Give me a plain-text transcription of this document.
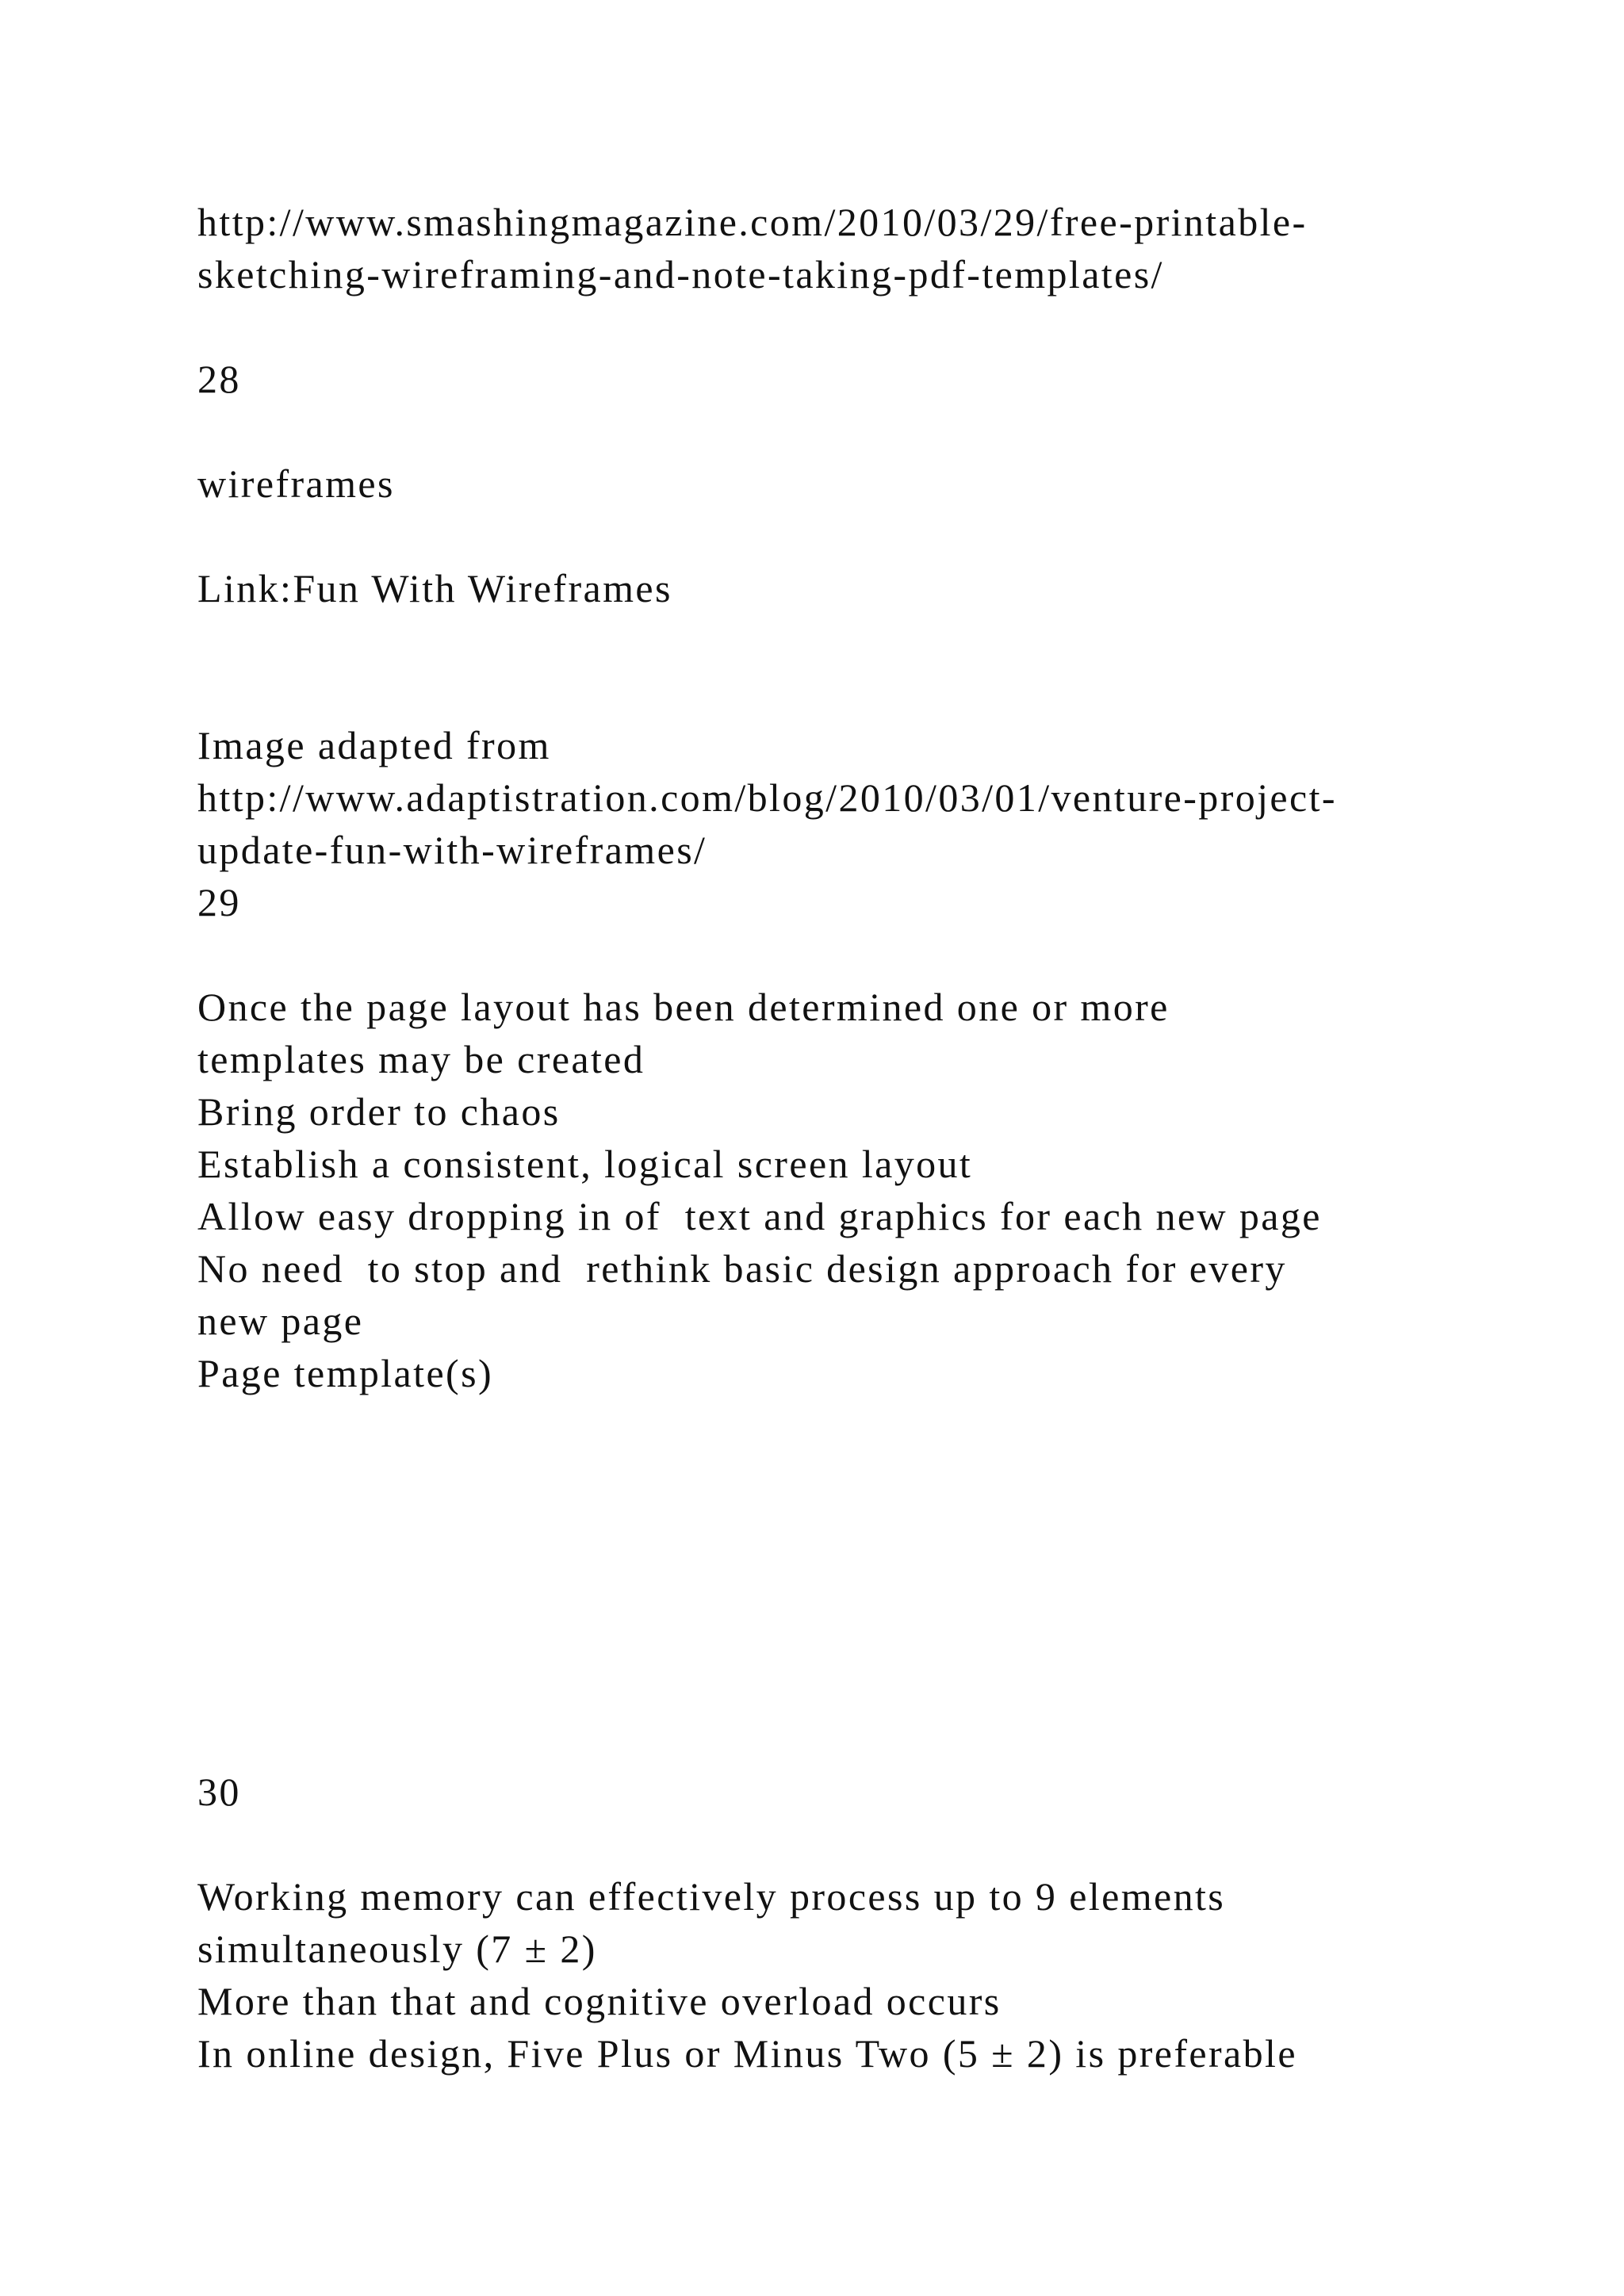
http://www.smashingmagazine.com/2010/03/29/free-printable-
sketching-wireframing-and-note-taking-pdf-templates/
28
wireframes
Link:Fun With Wireframes
Image adapted from
http://www.adaptistration.com/blog/2010/03/01/venture-project-
update-fun-with-wireframes/
29
Once the page layout has been determined one or more
templates may be created
Bring order to chaos
Establish a consistent, logical screen layout
Allow easy dropping in of  text and graphics for each new page
No need  to stop and  rethink basic design approach for every
new page
Page template(s)
30
Working memory can effectively process up to 9 elements
simultaneously (7 ± 2)
More than that and cognitive overload occurs
In online design, Five Plus or Minus Two (5 ± 2) is preferable
